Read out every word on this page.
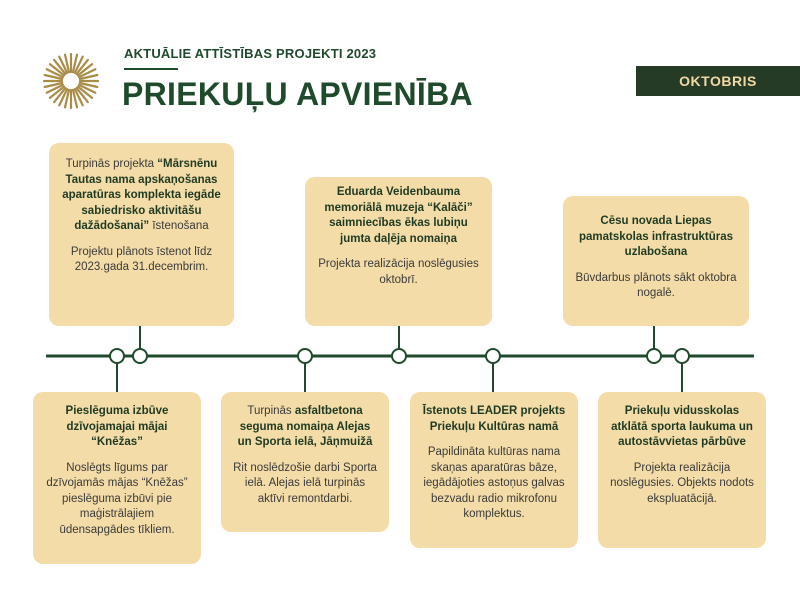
AKTUĀLIE ATTĪSTĪBAS PROJEKTI 2023
PRIEKUĻU APVIENĪBA	OKTOBRIS
Turpinās projekta “Mārsnēnu Tautas nama apskaņošanas aparatūras komplekta iegāde sabiedrisko aktivitāšu dažādošanai” īstenošana
Projektu plānots īstenot līdz 2023.gada 31.decembrim.
Eduarda Veidenbauma memoriālā muzeja “Kalāči” saimniecības ēkas lubiņu jumta daļēja nomaiņa
Projekta realizācija noslēgusies oktobrī.
Cēsu novada Liepas pamatskolas infrastruktūras uzlabošana
Būvdarbus plānots sākt oktobra nogalē.
Pieslēguma izbūve dzīvojamajai mājai “Knēžas”
Noslēgts līgums par dzīvojamās mājas “Knēžas” pieslēguma izbūvi pie maģistrālajiem ūdensapgādes tīkliem.
Turpinās asfaltbetona seguma nomaiņa Alejas un Sporta ielā, Jāņmuižā
Rit noslēdzošie darbi Sporta ielā. Alejas ielā turpinās aktīvi remontdarbi.
Īstenots LEADER projekts Priekuļu Kultūras namā
Papildināta kultūras nama skaņas aparatūras bāze, iegādājoties astoņus galvas bezvadu radio mikrofonu komplektus.
Priekuļu vidusskolas atklātā sporta laukuma un autostāvvietas pārbūve
Projekta realizācija noslēgusies. Objekts nodots ekspluatācijā.
